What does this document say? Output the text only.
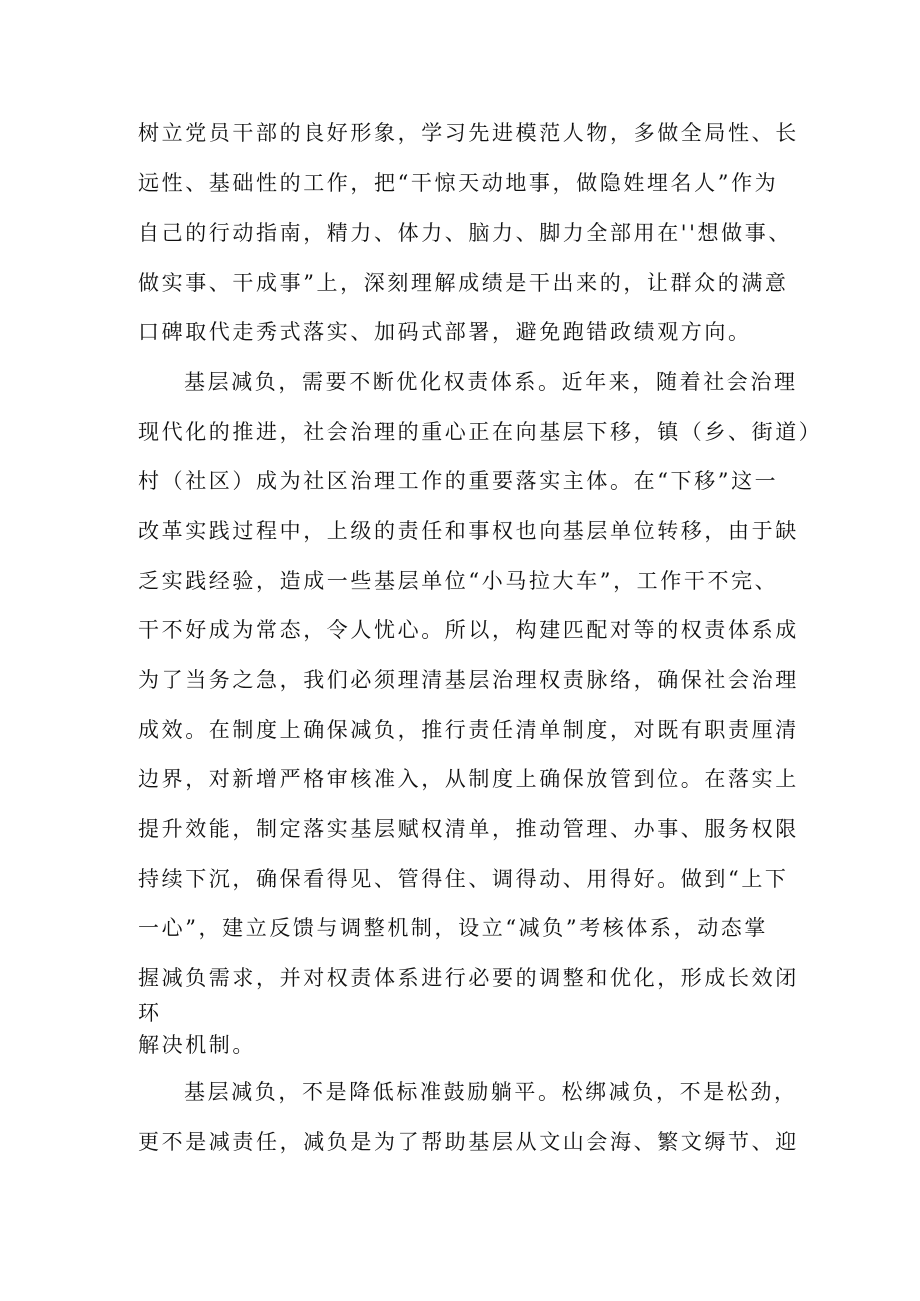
树立党员干部的良好形象，学习先进模范人物，多做全局性、长

远性、基础性的工作，把“干惊天动地事，做隐姓埋名人”作为

自己的行动指南，精力、体力、脑力、脚力全部用在''想做事、

做实事、干成事”上，深刻理解成绩是干出来的，让群众的满意

口碑取代走秀式落实、加码式部署，避免跑错政绩观方向。

基层减负，需要不断优化权责体系。近年来，随着社会治理

现代化的推进，社会治理的重心正在向基层下移，镇（乡、街道）

村（社区）成为社区治理工作的重要落实主体。在“下移”这一

改革实践过程中，上级的责任和事权也向基层单位转移，由于缺

乏实践经验，造成一些基层单位“小马拉大车”，工作干不完、

干不好成为常态，令人忧心。所以，构建匹配对等的权责体系成

为了当务之急，我们必须理清基层治理权责脉络，确保社会治理

成效。在制度上确保减负，推行责任清单制度，对既有职责厘清

边界，对新增严格审核准入，从制度上确保放管到位。在落实上

提升效能，制定落实基层赋权清单，推动管理、办事、服务权限

持续下沉，确保看得见、管得住、调得动、用得好。做到“上下

一心”，建立反馈与调整机制，设立“减负”考核体系，动态掌

握减负需求，并对权责体系进行必要的调整和优化，形成长效闭

环

解决机制。

基层减负，不是降低标准鼓励躺平。松绑减负，不是松劲，

更不是减责任，减负是为了帮助基层从文山会海、繁文缛节、迎
